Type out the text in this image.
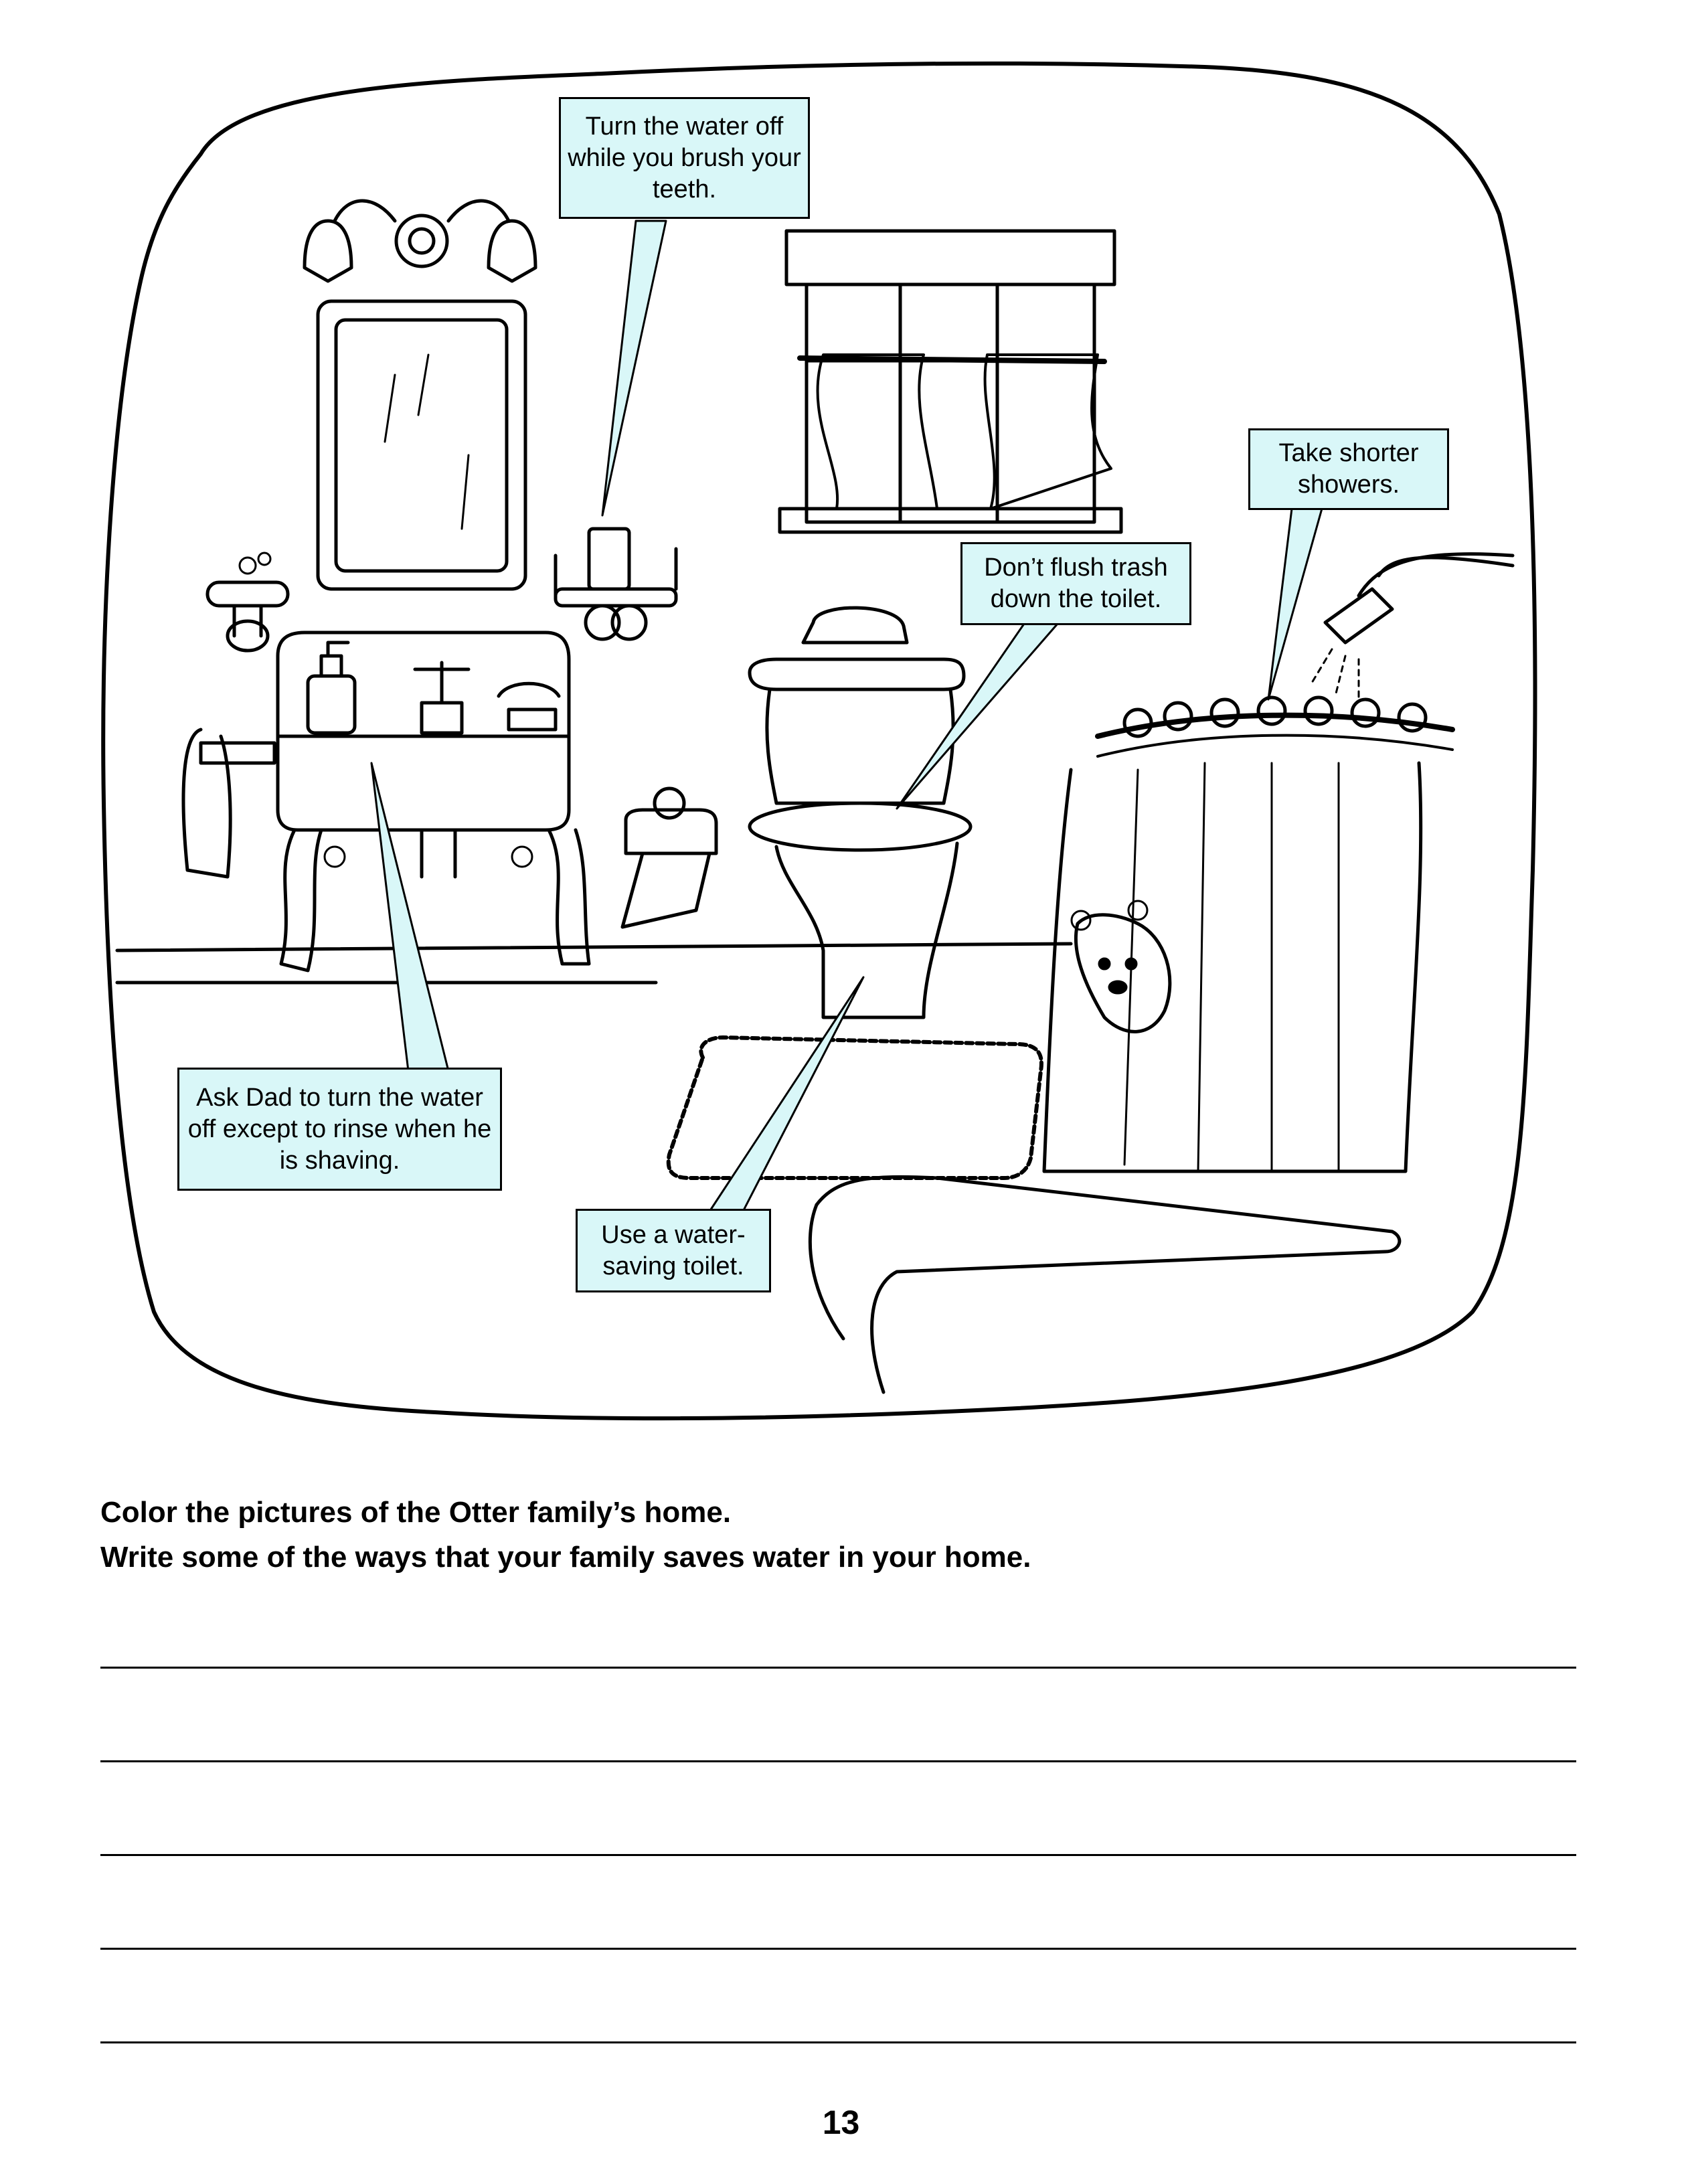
Turn the water off while you brush your teeth.
Take shorter showers.
Don’t flush trash down the toilet.
Ask Dad to turn the water off except to rinse when he is shaving.
Use a water-saving toilet.
Color the pictures of the Otter family’s home.
Write some of the ways that your family saves water in your home.
13
